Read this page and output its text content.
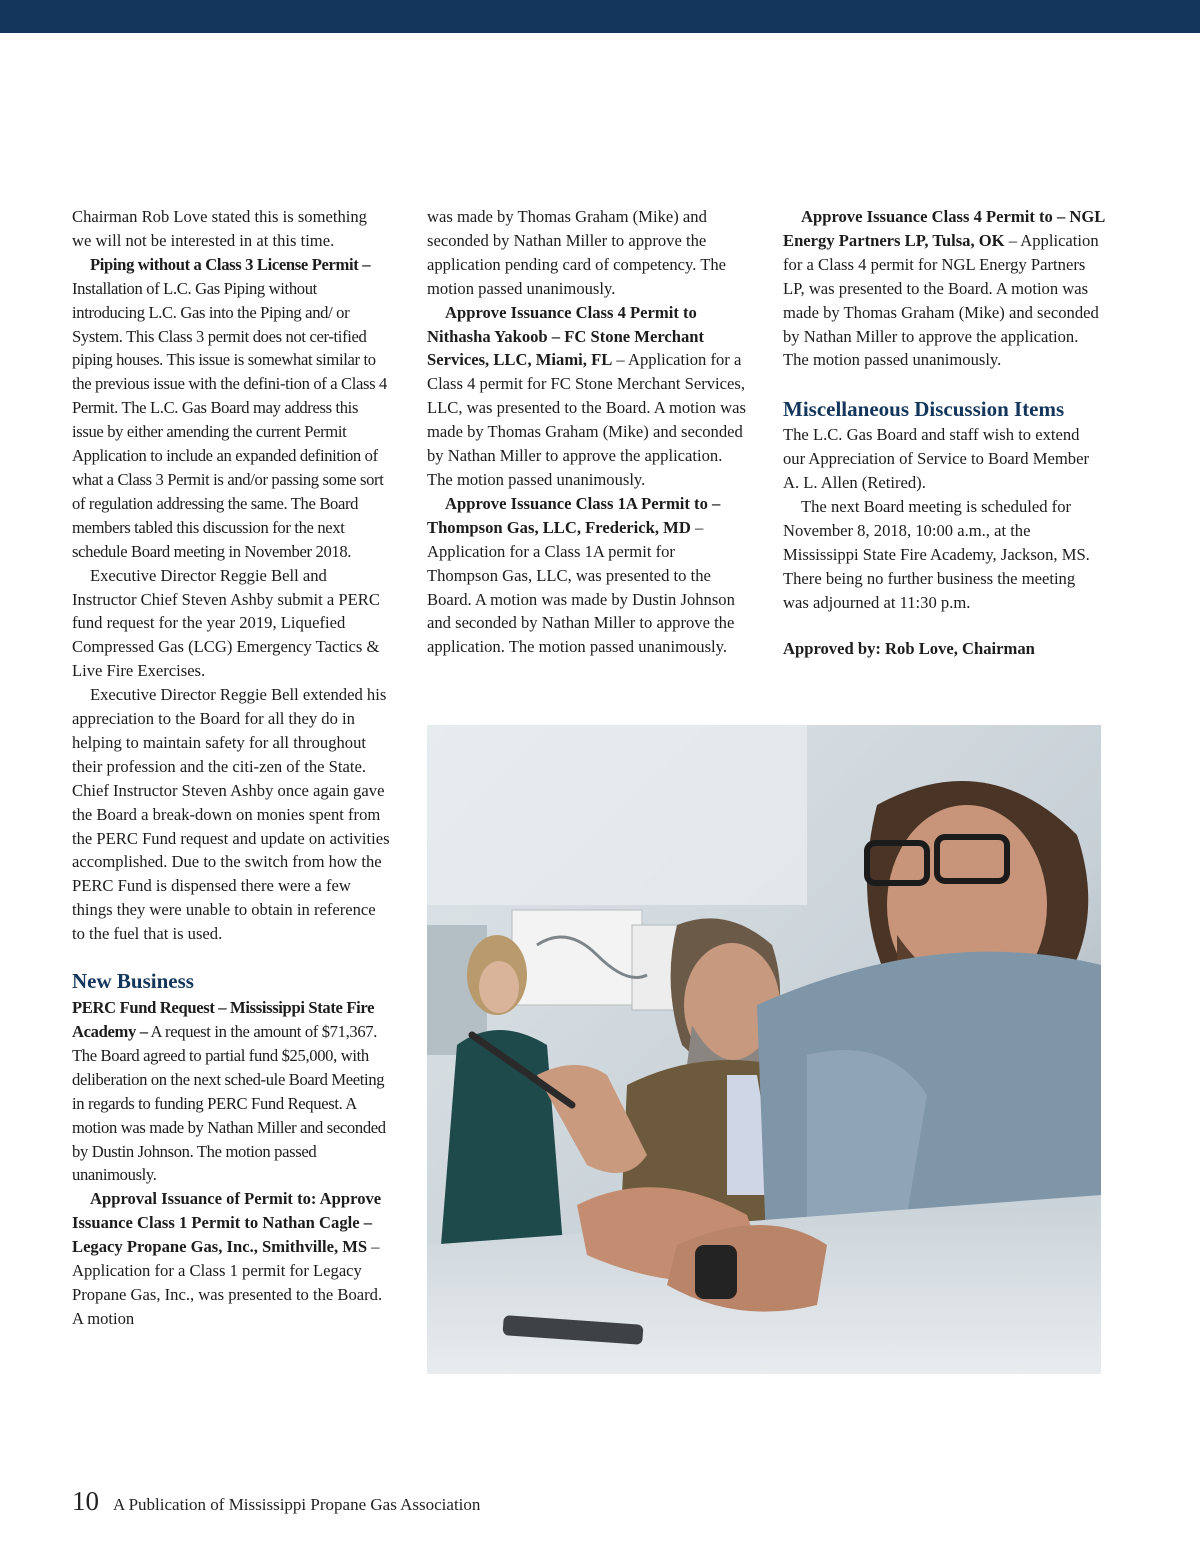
Chairman Rob Love stated this is something we will not be interested in at this time.

Piping without a Class 3 License Permit – Installation of L.C. Gas Piping without introducing L.C. Gas into the Piping and/ or System. This Class 3 permit does not cer-tified piping houses. This issue is somewhat similar to the previous issue with the defini-tion of a Class 4 Permit. The L.C. Gas Board may address this issue by either amending the current Permit Application to include an expanded definition of what a Class 3 Permit is and/or passing some sort of regulation addressing the same. The Board members tabled this discussion for the next schedule Board meeting in November 2018.

Executive Director Reggie Bell and Instructor Chief Steven Ashby submit a PERC fund request for the year 2019, Liquefied Compressed Gas (LCG) Emergency Tactics & Live Fire Exercises.

Executive Director Reggie Bell extended his appreciation to the Board for all they do in helping to maintain safety for all throughout their profession and the citi-zen of the State. Chief Instructor Steven Ashby once again gave the Board a break-down on monies spent from the PERC Fund request and update on activities accomplished. Due to the switch from how the PERC Fund is dispensed there were a few things they were unable to obtain in reference to the fuel that is used.

New Business

PERC Fund Request – Mississippi State Fire Academy – A request in the amount of $71,367. The Board agreed to partial fund $25,000, with deliberation on the next sched-ule Board Meeting in regards to funding PERC Fund Request. A motion was made by Nathan Miller and seconded by Dustin Johnson. The motion passed unanimously.

Approval Issuance of Permit to: Approve Issuance Class 1 Permit to Nathan Cagle – Legacy Propane Gas, Inc., Smithville, MS – Application for a Class 1 permit for Legacy Propane Gas, Inc., was presented to the Board. A motion

was made by Thomas Graham (Mike) and seconded by Nathan Miller to approve the application pending card of competency. The motion passed unanimously.

Approve Issuance Class 4 Permit to Nithasha Yakoob – FC Stone Merchant Services, LLC, Miami, FL – Application for a Class 4 permit for FC Stone Merchant Services, LLC, was presented to the Board. A motion was made by Thomas Graham (Mike) and seconded by Nathan Miller to approve the application. The motion passed unanimously.

Approve Issuance Class 1A Permit to – Thompson Gas, LLC, Frederick, MD – Application for a Class 1A permit for Thompson Gas, LLC, was presented to the Board. A motion was made by Dustin Johnson and seconded by Nathan Miller to approve the application. The motion passed unanimously.

Approve Issuance Class 4 Permit to – NGL Energy Partners LP, Tulsa, OK – Application for a Class 4 permit for NGL Energy Partners LP, was presented to the Board. A motion was made by Thomas Graham (Mike) and seconded by Nathan Miller to approve the application. The motion passed unanimously.

Miscellaneous Discussion Items

The L.C. Gas Board and staff wish to extend our Appreciation of Service to Board Member A. L. Allen (Retired).

The next Board meeting is scheduled for November 8, 2018, 10:00 a.m., at the Mississippi State Fire Academy, Jackson, MS. There being no further business the meeting was adjourned at 11:30 p.m.

Approved by: Rob Love, Chairman

10 A Publication of Mississippi Propane Gas Association
